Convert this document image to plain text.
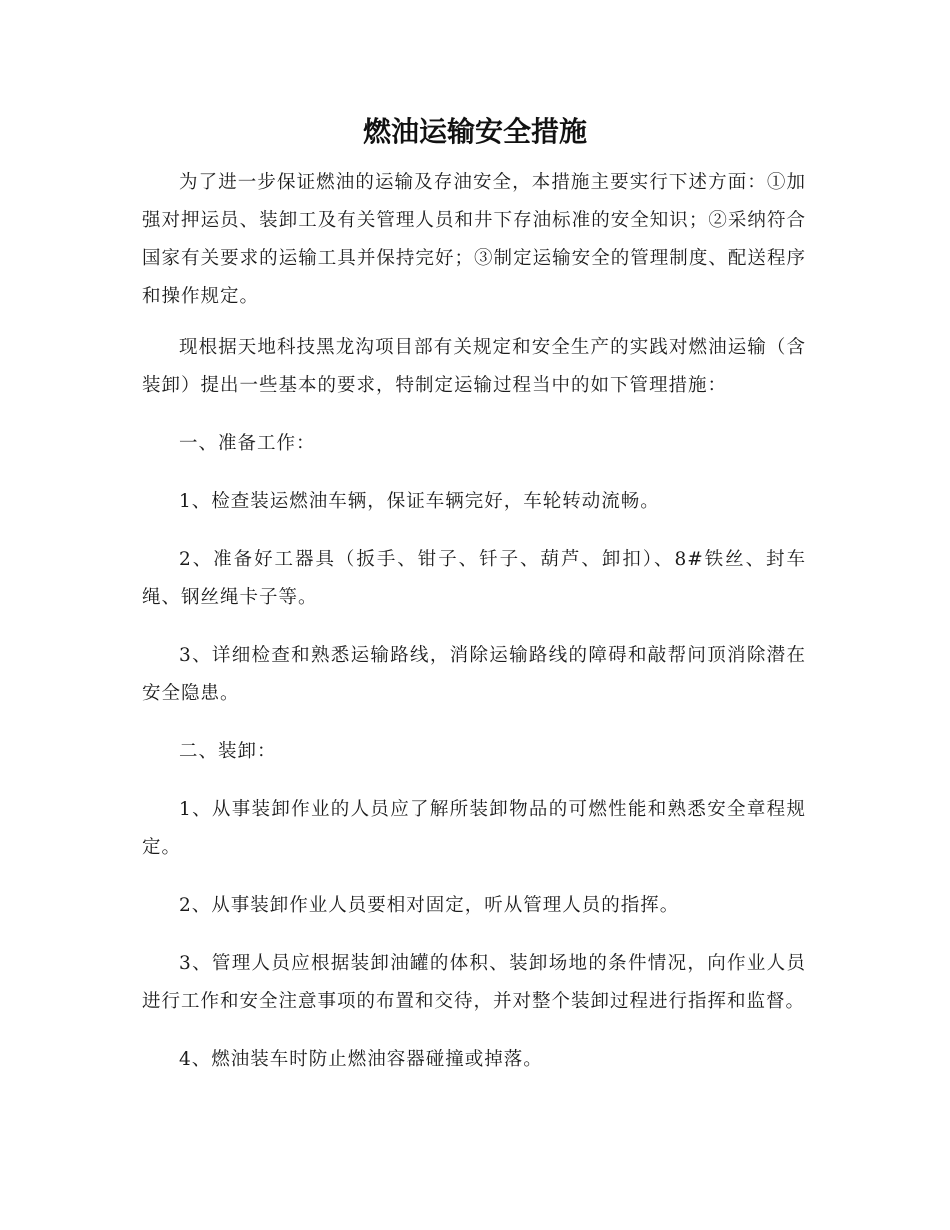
燃油运输安全措施

为了进一步保证燃油的运输及存油安全，本措施主要实行下述方面：①加强对押运员、装卸工及有关管理人员和井下存油标准的安全知识；②采纳符合国家有关要求的运输工具并保持完好；③制定运输安全的管理制度、配送程序和操作规定。

现根据天地科技黑龙沟项目部有关规定和安全生产的实践对燃油运输（含装卸）提出一些基本的要求，特制定运输过程当中的如下管理措施：

一、准备工作：

1、检查装运燃油车辆，保证车辆完好，车轮转动流畅。

2、准备好工器具（扳手、钳子、钎子、葫芦、卸扣）、8#铁丝、封车绳、钢丝绳卡子等。

3、详细检查和熟悉运输路线，消除运输路线的障碍和敲帮问顶消除潜在安全隐患。

二、装卸：

1、从事装卸作业的人员应了解所装卸物品的可燃性能和熟悉安全章程规定。

2、从事装卸作业人员要相对固定，听从管理人员的指挥。

3、管理人员应根据装卸油罐的体积、装卸场地的条件情况，向作业人员进行工作和安全注意事项的布置和交待，并对整个装卸过程进行指挥和监督。

4、燃油装车时防止燃油容器碰撞或掉落。
